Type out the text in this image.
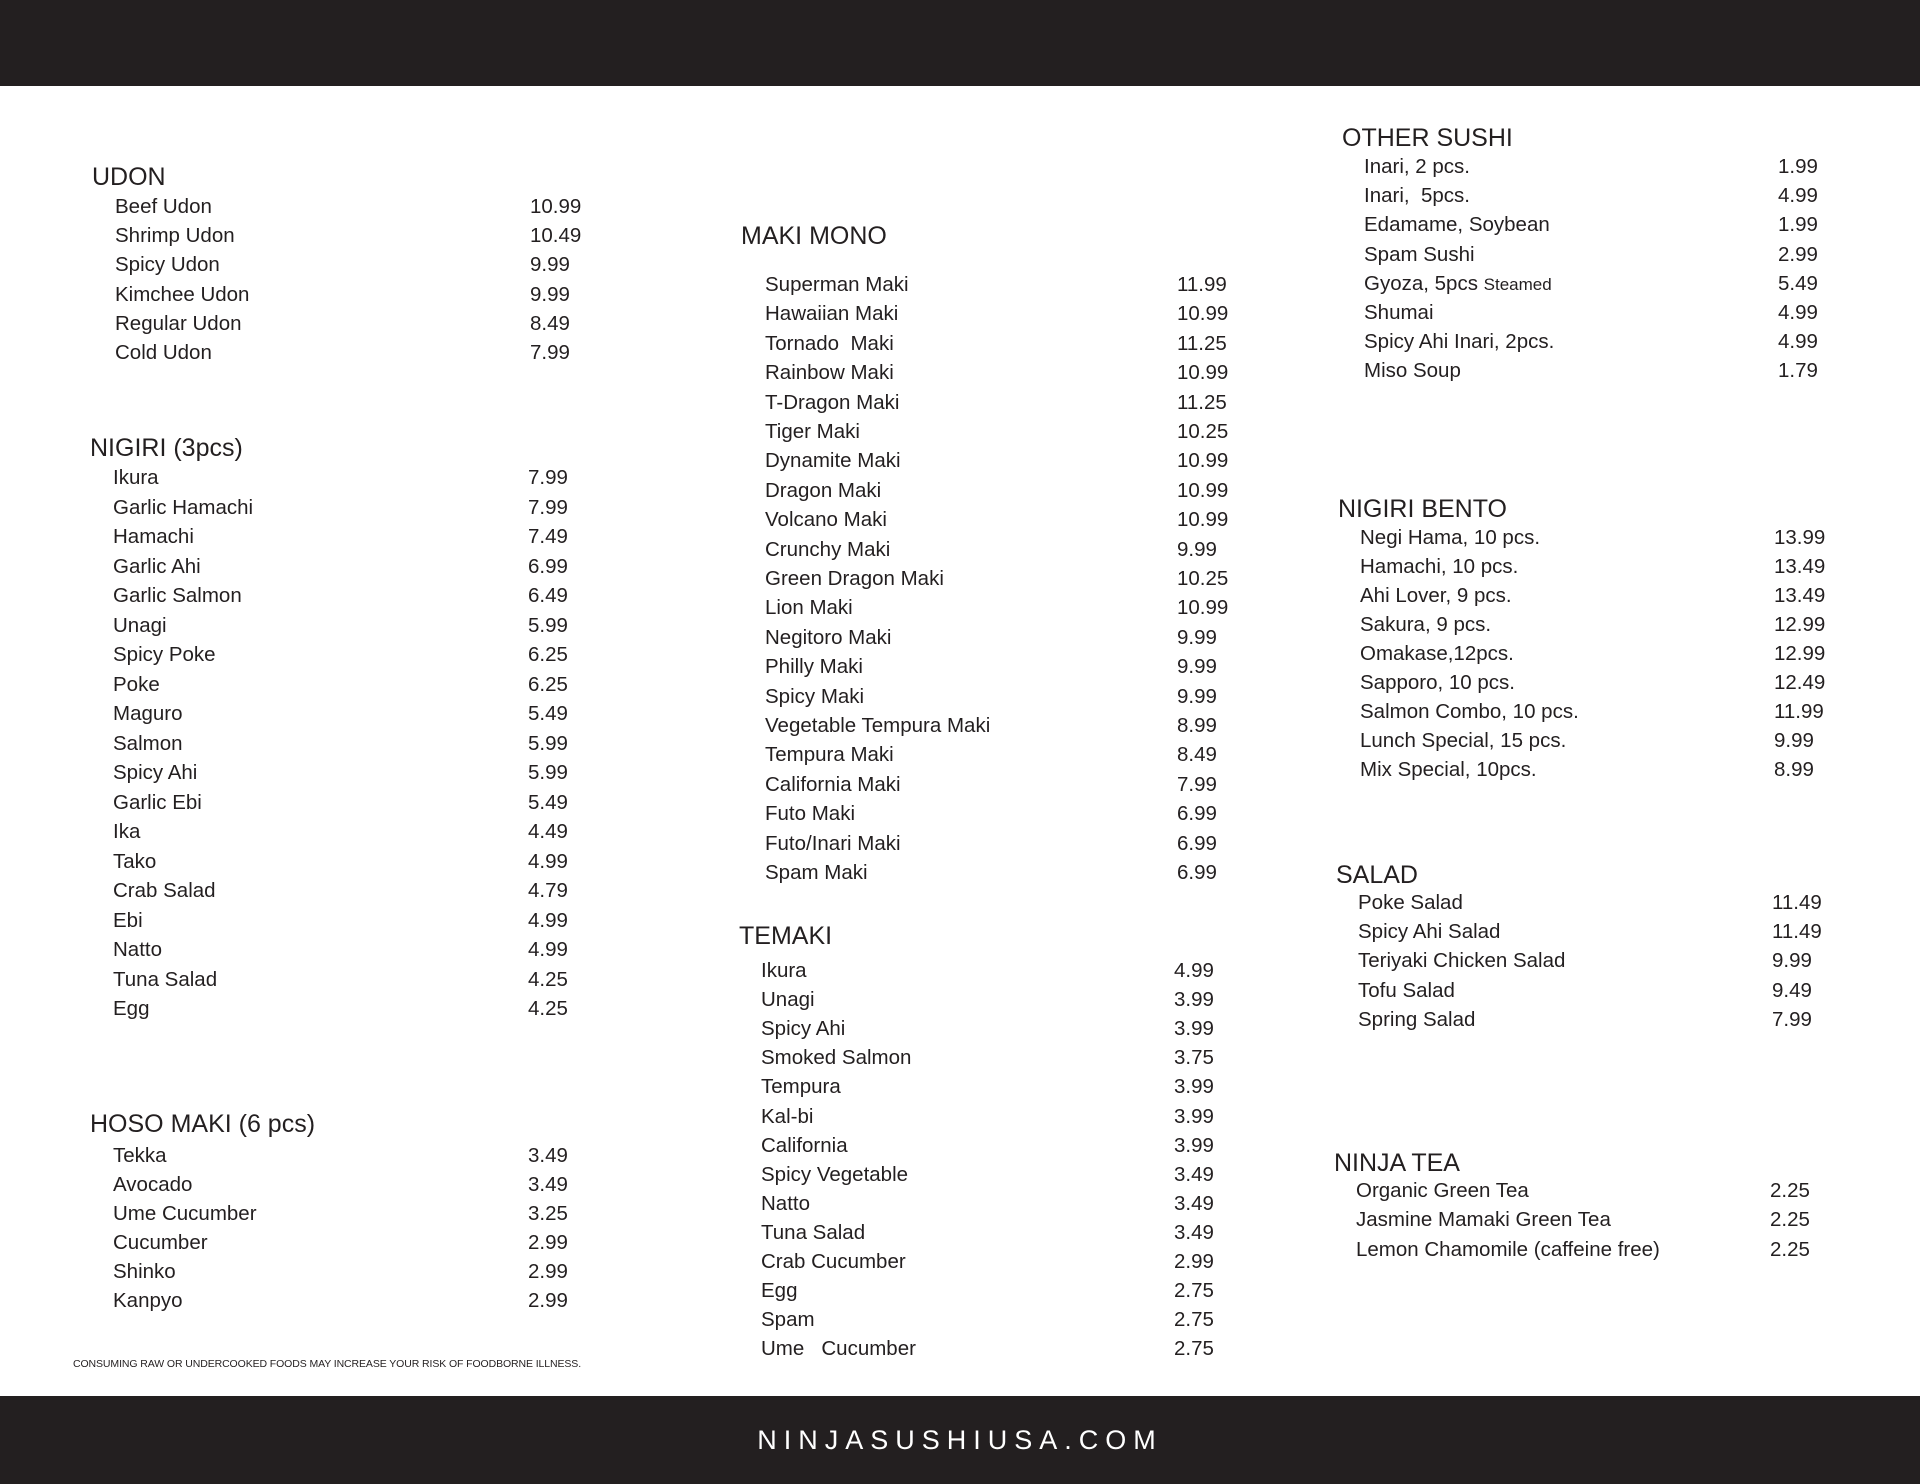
UDON
Beef Udon	10.99
Shrimp Udon	10.49
Spicy Udon	9.99
Kimchee Udon	9.99
Regular Udon	8.49
Cold Udon	7.99
NIGIRI (3pcs)
Ikura	7.99
Garlic Hamachi	7.99
Hamachi	7.49
Garlic Ahi	6.99
Garlic Salmon	6.49
Unagi	5.99
Spicy Poke	6.25
Poke	6.25
Maguro	5.49
Salmon	5.99
Spicy Ahi	5.99
Garlic Ebi	5.49
Ika	4.49
Tako	4.99
Crab Salad	4.79
Ebi	4.99
Natto	4.99
Tuna Salad	4.25
Egg	4.25
HOSO MAKI (6 pcs)
Tekka	3.49
Avocado	3.49
Ume Cucumber	3.25
Cucumber	2.99
Shinko	2.99
Kanpyo	2.99
MAKI MONO
Superman Maki	11.99
Hawaiian Maki	10.99
Tornado  Maki	11.25
Rainbow Maki	10.99
T-Dragon Maki	11.25
Tiger Maki	10.25
Dynamite Maki	10.99
Dragon Maki	10.99
Volcano Maki	10.99
Crunchy Maki	9.99
Green Dragon Maki	10.25
Lion Maki	10.99
Negitoro Maki	9.99
Philly Maki	9.99
Spicy Maki	9.99
Vegetable Tempura Maki	8.99
Tempura Maki	8.49
California Maki	7.99
Futo Maki	6.99
Futo/Inari Maki	6.99
Spam Maki	6.99
TEMAKI
Ikura	4.99
Unagi	3.99
Spicy Ahi	3.99
Smoked Salmon	3.75
Tempura	3.99
Kal-bi	3.99
California	3.99
Spicy Vegetable	3.49
Natto	3.49
Tuna Salad	3.49
Crab Cucumber	2.99
Egg	2.75
Spam	2.75
Ume   Cucumber	2.75
OTHER SUSHI
Inari, 2 pcs.	1.99
Inari,  5pcs.	4.99
Edamame, Soybean	1.99
Spam Sushi	2.99
Gyoza, 5pcs Steamed	5.49
Shumai	4.99
Spicy Ahi Inari, 2pcs.	4.99
Miso Soup	1.79
NIGIRI BENTO
Negi Hama, 10 pcs.	13.99
Hamachi, 10 pcs.	13.49
Ahi Lover, 9 pcs.	13.49
Sakura, 9 pcs.	12.99
Omakase,12pcs.	12.99
Sapporo, 10 pcs.	12.49
Salmon Combo, 10 pcs.	11.99
Lunch Special, 15 pcs.	9.99
Mix Special, 10pcs.	8.99
SALAD
Poke Salad	11.49
Spicy Ahi Salad	11.49
Teriyaki Chicken Salad	9.99
Tofu Salad	9.49
Spring Salad	7.99
NINJA TEA
Organic Green Tea	2.25
Jasmine Mamaki Green Tea	2.25
Lemon Chamomile (caffeine free)	2.25
CONSUMING RAW OR UNDERCOOKED FOODS MAY INCREASE YOUR RISK OF FOODBORNE ILLNESS.
NINJASUSHIUSA.COM
